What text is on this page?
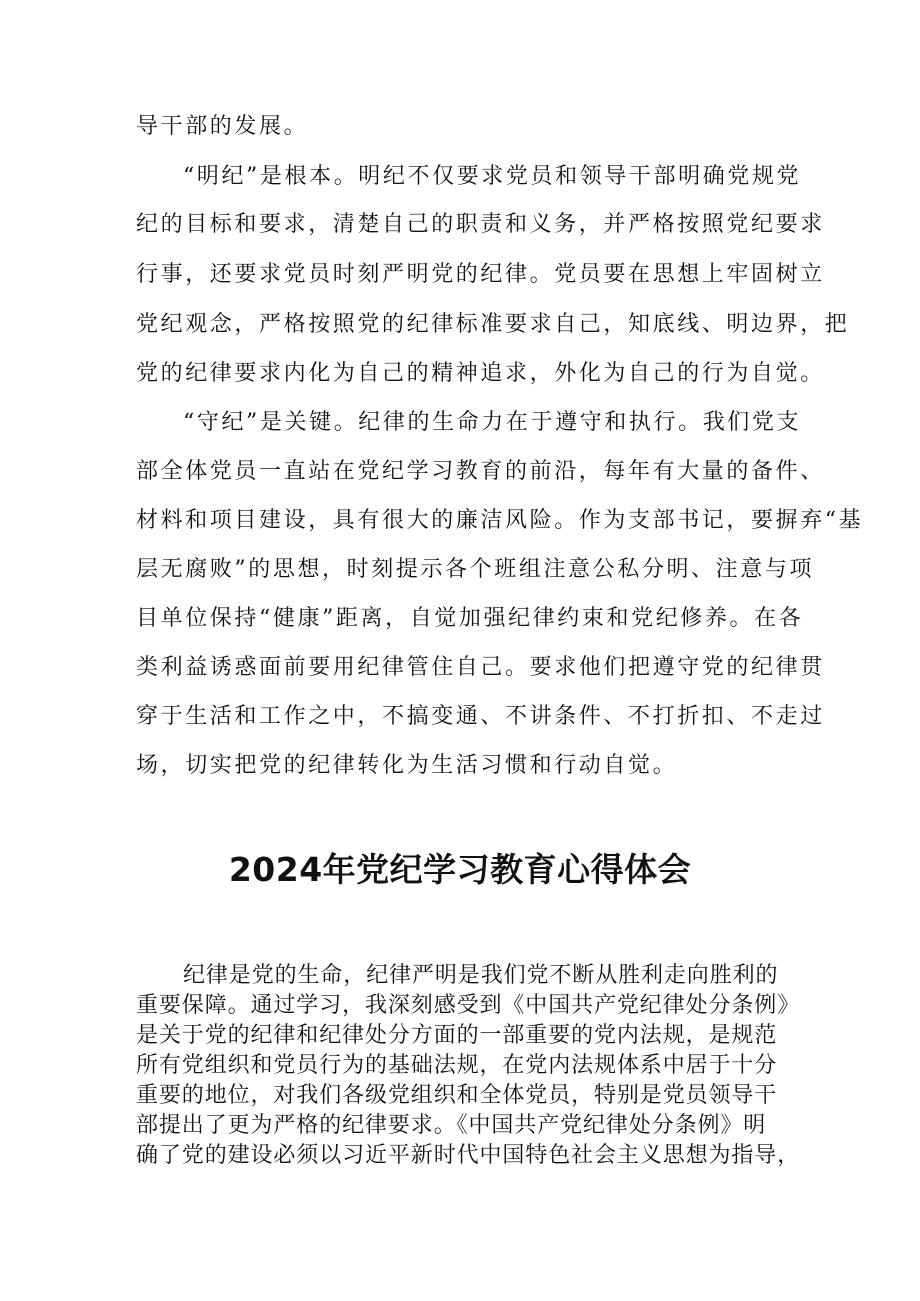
导干部的发展。

“明纪”是根本。明纪不仅要求党员和领导干部明确党规党

纪的目标和要求，清楚自己的职责和义务，并严格按照党纪要求

行事，还要求党员时刻严明党的纪律。党员要在思想上牢固树立

党纪观念，严格按照党的纪律标准要求自己，知底线、明边界，把

党的纪律要求内化为自己的精神追求，外化为自己的行为自觉。

“守纪”是关键。纪律的生命力在于遵守和执行。我们党支

部全体党员一直站在党纪学习教育的前沿，每年有大量的备件、

材料和项目建设，具有很大的廉洁风险。作为支部书记，要摒弃“基

层无腐败”的思想，时刻提示各个班组注意公私分明、注意与项

目单位保持“健康”距离，自觉加强纪律约束和党纪修养。在各

类利益诱惑面前要用纪律管住自己。要求他们把遵守党的纪律贯

穿于生活和工作之中，不搞变通、不讲条件、不打折扣、不走过

场，切实把党的纪律转化为生活习惯和行动自觉。

2024年党纪学习教育心得体会

纪律是党的生命，纪律严明是我们党不断从胜利走向胜利的

重要保障。通过学习，我深刻感受到《中国共产党纪律处分条例》

是关于党的纪律和纪律处分方面的一部重要的党内法规，是规范

所有党组织和党员行为的基础法规，在党内法规体系中居于十分

重要的地位，对我们各级党组织和全体党员，特别是党员领导干

部提出了更为严格的纪律要求。《中国共产党纪律处分条例》明

确了党的建设必须以习近平新时代中国特色社会主义思想为指导，
